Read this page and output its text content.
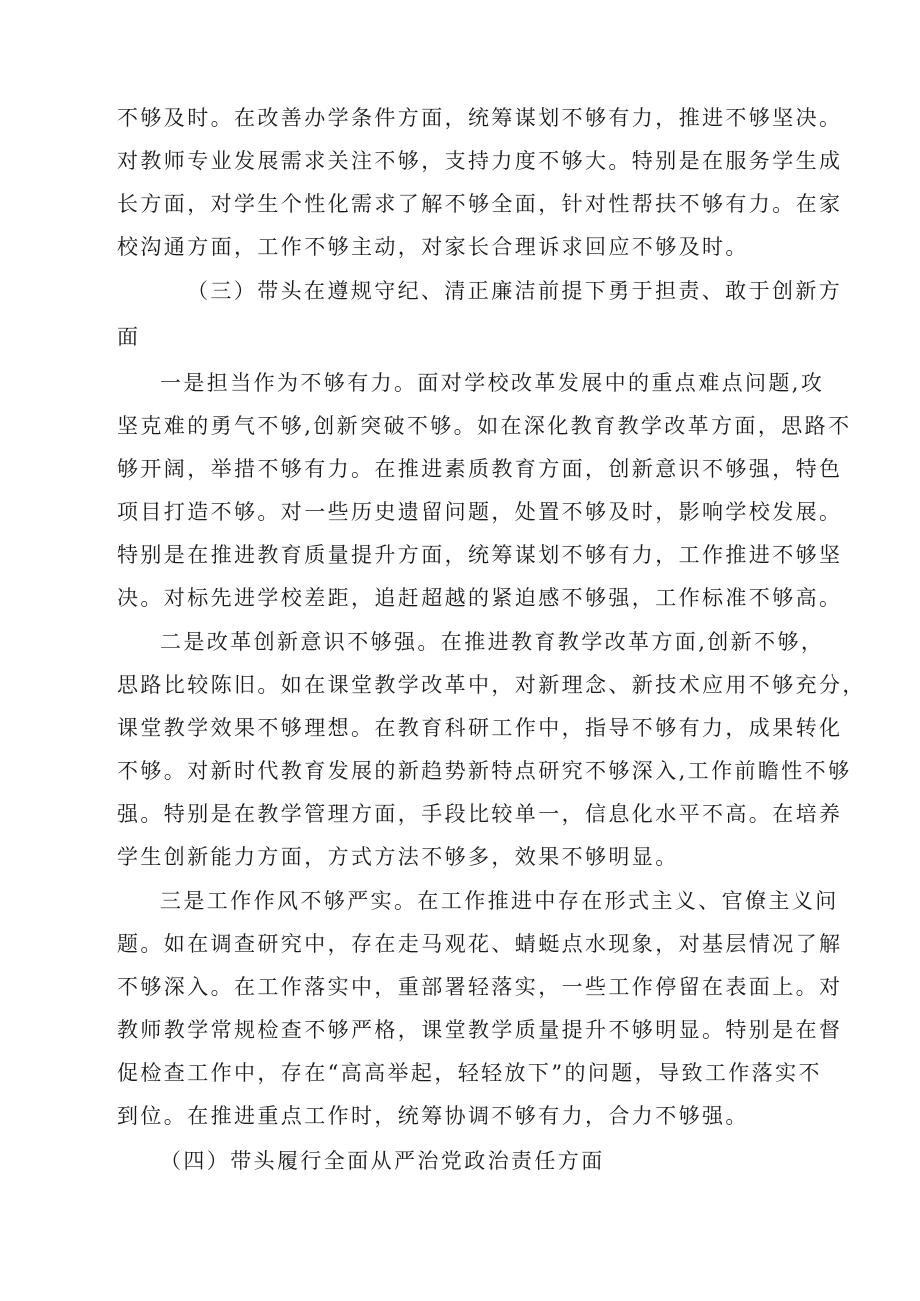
不够及时。在改善办学条件方面，统筹谋划不够有力，推进不够坚决。
对教师专业发展需求关注不够，支持力度不够大。特别是在服务学生成
长方面，对学生个性化需求了解不够全面，针对性帮扶不够有力。在家
校沟通方面，工作不够主动，对家长合理诉求回应不够及时。
（三）带头在遵规守纪、清正廉洁前提下勇于担责、敢于创新方
面
一是担当作为不够有力。面对学校改革发展中的重点难点问题,攻
坚克难的勇气不够,创新突破不够。如在深化教育教学改革方面，思路不
够开阔，举措不够有力。在推进素质教育方面，创新意识不够强，特色
项目打造不够。对一些历史遗留问题，处置不够及时，影响学校发展。
特别是在推进教育质量提升方面，统筹谋划不够有力，工作推进不够坚
决。对标先进学校差距，追赶超越的紧迫感不够强，工作标准不够高。
二是改革创新意识不够强。在推进教育教学改革方面,创新不够，
思路比较陈旧。如在课堂教学改革中，对新理念、新技术应用不够充分，
课堂教学效果不够理想。在教育科研工作中，指导不够有力，成果转化
不够。对新时代教育发展的新趋势新特点研究不够深入,工作前瞻性不够
强。特别是在教学管理方面，手段比较单一，信息化水平不高。在培养
学生创新能力方面，方式方法不够多，效果不够明显。
三是工作作风不够严实。在工作推进中存在形式主义、官僚主义问
题。如在调查研究中，存在走马观花、蜻蜓点水现象，对基层情况了解
不够深入。在工作落实中，重部署轻落实，一些工作停留在表面上。对
教师教学常规检查不够严格，课堂教学质量提升不够明显。特别是在督
促检查工作中，存在“高高举起，轻轻放下”的问题，导致工作落实不
到位。在推进重点工作时，统筹协调不够有力，合力不够强。
（四）带头履行全面从严治党政治责任方面
